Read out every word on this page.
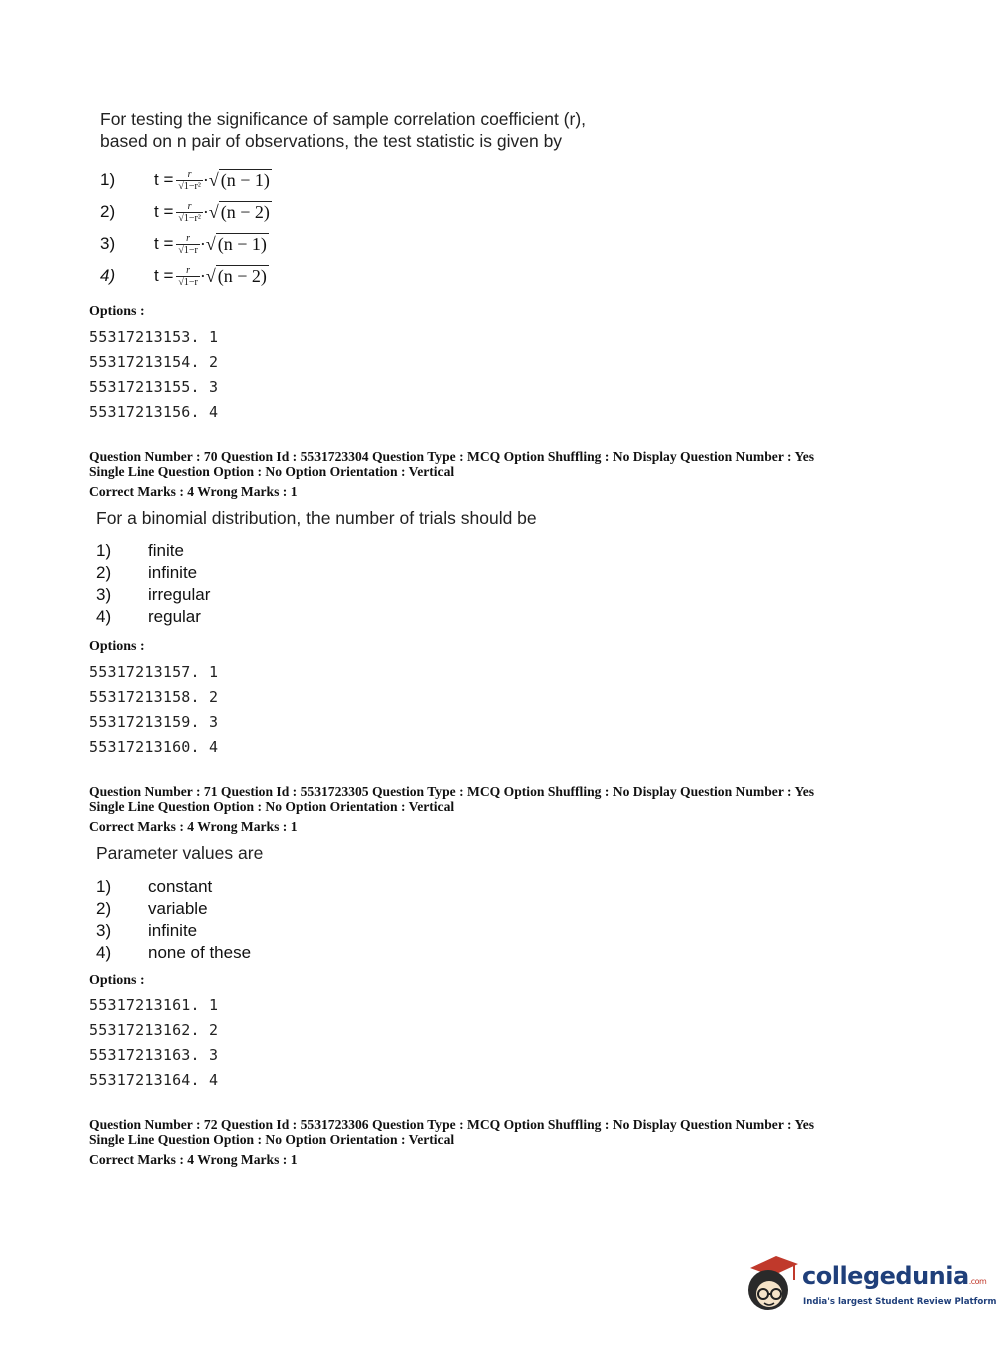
For testing the significance of sample correlation coefficient (r),
based on n pair of observations, the test statistic is given by
1)	$t = \frac{r}{\text{√1−r²}}$ ·√ (n − 1)
2)	$t = \frac{r}{\text{√1−r²}}$ ·√ (n − 2)
3)	$t = \frac{r}{√1-r}$ ·√ (n − 1)
4)	$t = \frac{r}{√1-r}$ ·√ (n − 2)
Options :
55317213153. 1
55317213154. 2
55317213155. 3
55317213156. 4
Question Number : 70 Question Id : 5531723304 Question Type : MCQ Option Shuffling : No Display Question Number : Yes
Single Line Question Option : No Option Orientation : Vertical
Correct Marks : 4 Wrong Marks : 1
For a binomial distribution, the number of trials should be
1) finite
2) infinite
3) irregular
4) regular
Options :
55317213157. 1
55317213158. 2
55317213159. 3
55317213160. 4
Question Number : 71 Question Id : 5531723305 Question Type : MCQ Option Shuffling : No Display Question Number : Yes
Single Line Question Option : No Option Orientation : Vertical
Correct Marks : 4 Wrong Marks : 1
Parameter values are
1) constant
2) variable
3) infinite
4) none of these
Options :
55317213161. 1
55317213162. 2
55317213163. 3
55317213164. 4
Question Number : 72 Question Id : 5531723306 Question Type : MCQ Option Shuffling : No Display Question Number : Yes
Single Line Question Option : No Option Orientation : Vertical
Correct Marks : 4 Wrong Marks : 1
collegedunia.com
India's largest Student Review Platform
